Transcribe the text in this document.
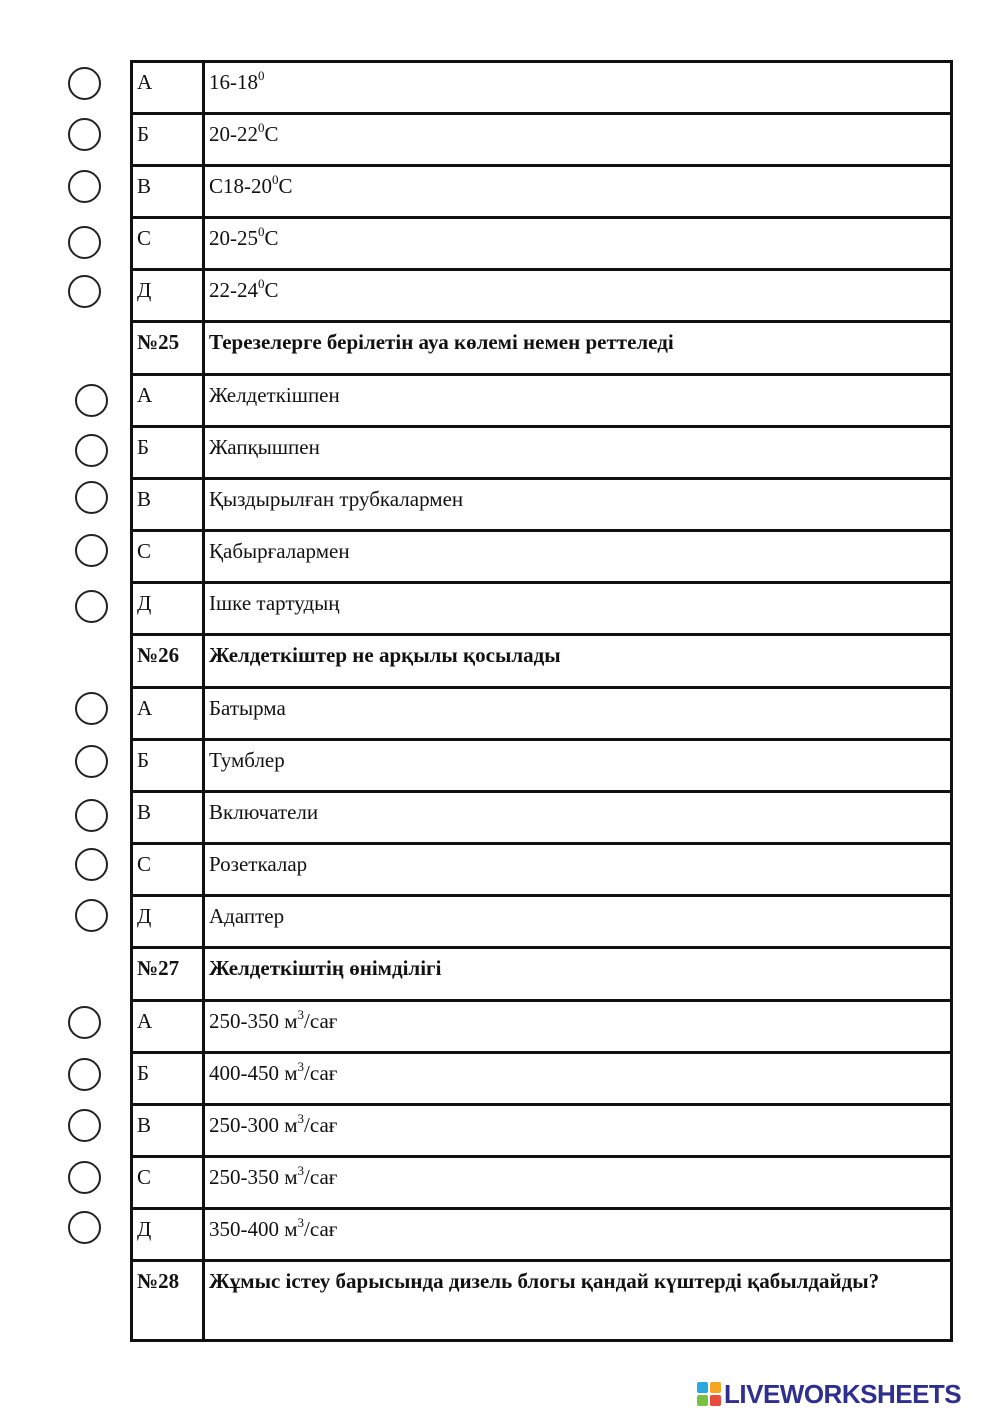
А	$16-18^0$
Б	$20-22^0С$
В	$С18-20^0С$
С	$20-25^0С$
Д	$22-24^0С$
№25	Терезелерге берілетін ауа көлемі немен реттеледі
А	Желдеткішпен
Б	Жапқышпен
В	Қыздырылған трубкалармен
С	Қабырғалармен
Д	Ішке тартудың
№26	Желдеткіштер не арқылы қосылады
А	Батырма
Б	Тумблер
В	Включатели
С	Розеткалар
Д	Адаптер
№27	Желдеткіштің өнімділігі
А	250-350 $м^3$/сағ
Б	400-450 $м^3$/сағ
В	250-300 $м^3$/сағ
С	250-350 $м^3$/сағ
Д	350-400 $м^3$/сағ
№28	Жұмыс істеу барысында дизель блогы қандай күштерді қабылдайды?
LIVEWORKSHEETS
